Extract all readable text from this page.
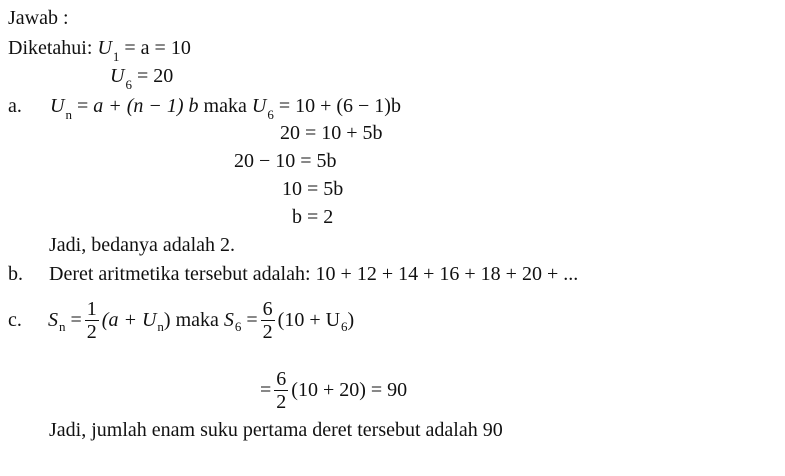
Jawab :
Diketahui: $U_1 = a = 10$
$U_6 = 20$
a. $U_n = a + (n - 1)$ b maka $U_6 = 10 + (6 - 1)b$
20 = 10 + 5b
20 − 10 = 5b
10 = 5b
b = 2
Jadi, bedanya adalah 2.
b. Deret aritmetika tersebut adalah: 10 + 12 + 14 + 16 + 18 + 20 + ...
c. S $n = \frac{1}{2} (a + U$ n ) maka S $6 = \frac{6}{2} (10 + U$ 6 )
= $\frac{6}{2} (10 + 20) = 90$
Jadi, jumlah enam suku pertama deret tersebut adalah 90
